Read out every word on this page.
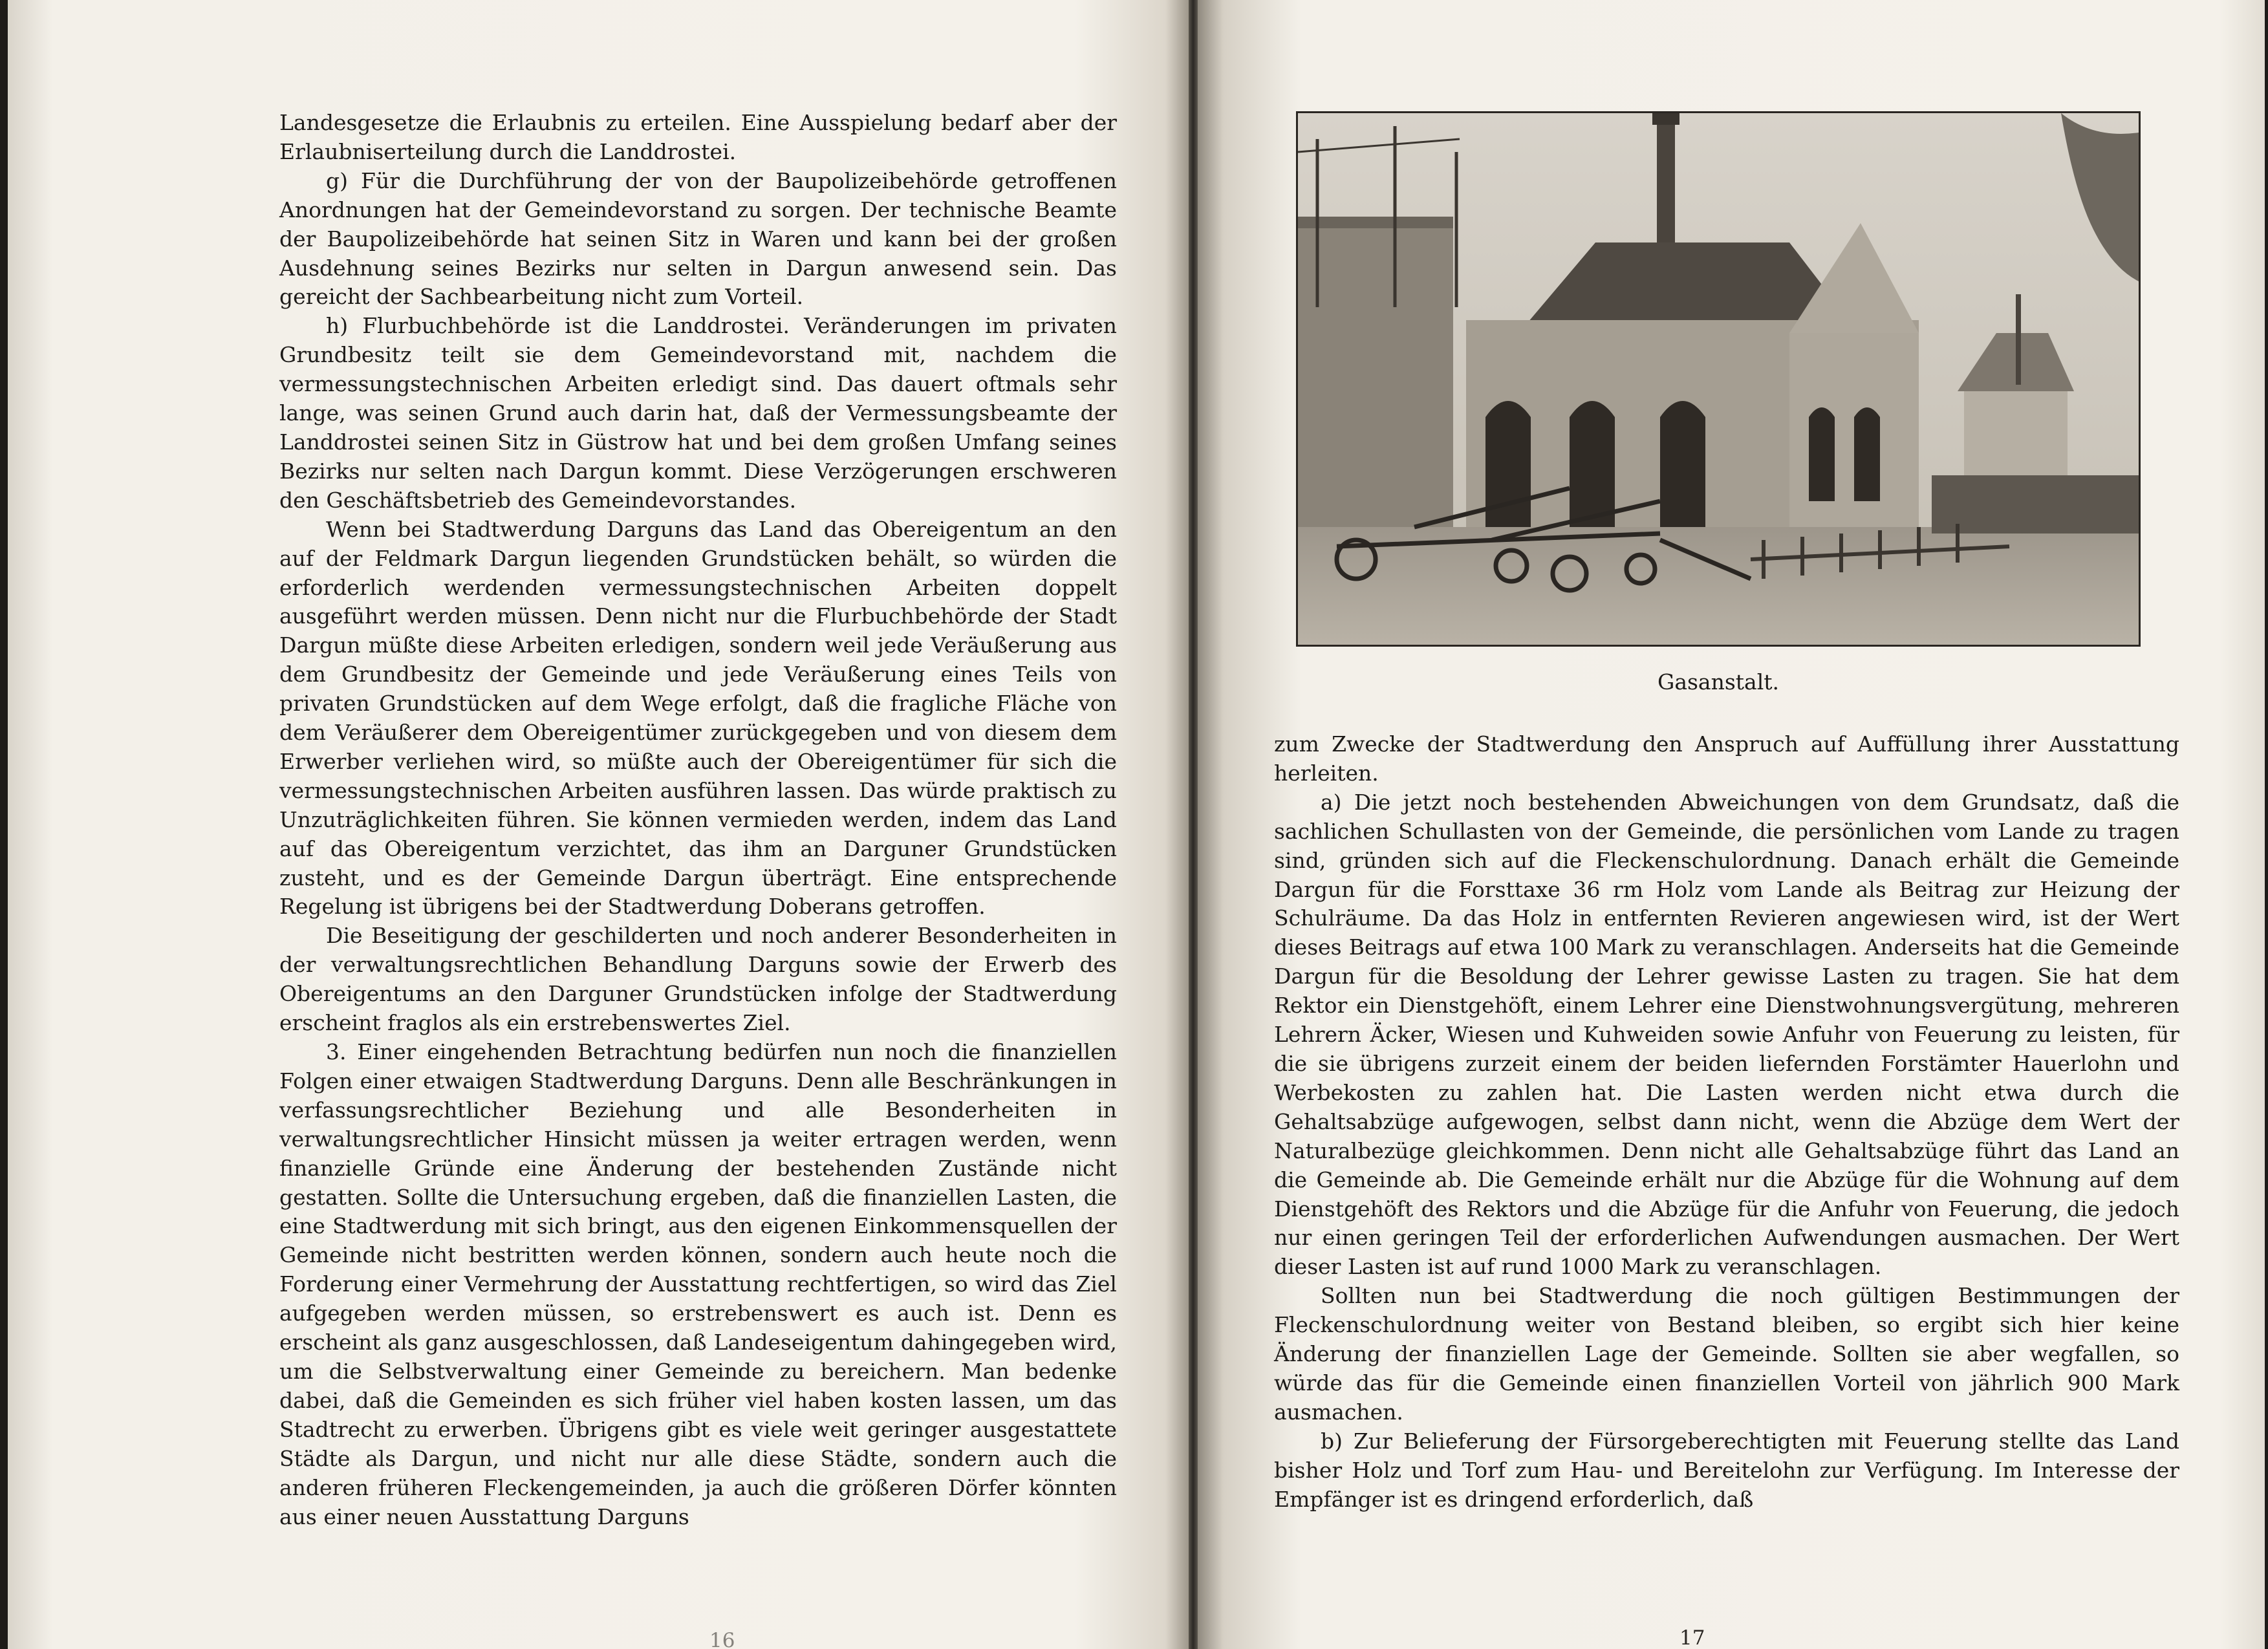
Landesgesetze die Erlaubnis zu erteilen. Eine Ausspielung bedarf aber der Erlaubniserteilung durch die Landdrostei.

g) Für die Durchführung der von der Baupolizeibehörde getroffenen Anordnungen hat der Gemeindevorstand zu sorgen. Der technische Beamte der Baupolizeibehörde hat seinen Sitz in Waren und kann bei der großen Ausdehnung seines Bezirks nur selten in Dargun anwesend sein. Das gereicht der Sachbearbeitung nicht zum Vorteil.

h) Flurbuchbehörde ist die Landdrostei. Veränderungen im privaten Grundbesitz teilt sie dem Gemeindevorstand mit, nachdem die vermessungstechnischen Arbeiten erledigt sind. Das dauert oftmals sehr lange, was seinen Grund auch darin hat, daß der Vermessungsbeamte der Landdrostei seinen Sitz in Güstrow hat und bei dem großen Umfang seines Bezirks nur selten nach Dargun kommt. Diese Verzögerungen erschweren den Geschäftsbetrieb des Gemeindevorstandes.

Wenn bei Stadtwerdung Darguns das Land das Obereigentum an den auf der Feldmark Dargun liegenden Grundstücken behält, so würden die erforderlich werdenden vermessungstechnischen Arbeiten doppelt ausgeführt werden müssen. Denn nicht nur die Flurbuchbehörde der Stadt Dargun müßte diese Arbeiten erledigen, sondern weil jede Veräußerung aus dem Grundbesitz der Gemeinde und jede Veräußerung eines Teils von privaten Grundstücken auf dem Wege erfolgt, daß die fragliche Fläche von dem Veräußerer dem Obereigentümer zurückgegeben und von diesem dem Erwerber verliehen wird, so müßte auch der Obereigentümer für sich die vermessungstechnischen Arbeiten ausführen lassen. Das würde praktisch zu Unzuträglichkeiten führen. Sie können vermieden werden, indem das Land auf das Obereigentum verzichtet, das ihm an Darguner Grundstücken zusteht, und es der Gemeinde Dargun überträgt. Eine entsprechende Regelung ist übrigens bei der Stadtwerdung Doberans getroffen.

Die Beseitigung der geschilderten und noch anderer Besonderheiten in der verwaltungsrechtlichen Behandlung Darguns sowie der Erwerb des Obereigentums an den Darguner Grundstücken infolge der Stadtwerdung erscheint fraglos als ein erstrebenswertes Ziel.

3. Einer eingehenden Betrachtung bedürfen nun noch die finanziellen Folgen einer etwaigen Stadtwerdung Darguns. Denn alle Beschränkungen in verfassungsrechtlicher Beziehung und alle Besonderheiten in verwaltungsrechtlicher Hinsicht müssen ja weiter ertragen werden, wenn finanzielle Gründe eine Änderung der bestehenden Zustände nicht gestatten. Sollte die Untersuchung ergeben, daß die finanziellen Lasten, die eine Stadtwerdung mit sich bringt, aus den eigenen Einkommensquellen der Gemeinde nicht bestritten werden können, sondern auch heute noch die Forderung einer Vermehrung der Ausstattung rechtfertigen, so wird das Ziel aufgegeben werden müssen, so erstrebenswert es auch ist. Denn es erscheint als ganz ausgeschlossen, daß Landeseigentum dahingegeben wird, um die Selbstverwaltung einer Gemeinde zu bereichern. Man bedenke dabei, daß die Gemeinden es sich früher viel haben kosten lassen, um das Stadtrecht zu erwerben. Übrigens gibt es viele weit geringer ausgestattete Städte als Dargun, und nicht nur alle diese Städte, sondern auch die anderen früheren Fleckengemeinden, ja auch die größeren Dörfer könnten aus einer neuen Ausstattung Darguns

16
Gasanstalt.

zum Zwecke der Stadtwerdung den Anspruch auf Auffüllung ihrer Ausstattung herleiten.

a) Die jetzt noch bestehenden Abweichungen von dem Grundsatz, daß die sachlichen Schullasten von der Gemeinde, die persönlichen vom Lande zu tragen sind, gründen sich auf die Fleckenschulordnung. Danach erhält die Gemeinde Dargun für die Forsttaxe 36 rm Holz vom Lande als Beitrag zur Heizung der Schulräume. Da das Holz in entfernten Revieren angewiesen wird, ist der Wert dieses Beitrags auf etwa 100 Mark zu veranschlagen. Anderseits hat die Gemeinde Dargun für die Besoldung der Lehrer gewisse Lasten zu tragen. Sie hat dem Rektor ein Dienstgehöft, einem Lehrer eine Dienstwohnungsvergütung, mehreren Lehrern Äcker, Wiesen und Kuhweiden sowie Anfuhr von Feuerung zu leisten, für die sie übrigens zurzeit einem der beiden liefernden Forstämter Hauerlohn und Werbekosten zu zahlen hat. Die Lasten werden nicht etwa durch die Gehaltsabzüge aufgewogen, selbst dann nicht, wenn die Abzüge dem Wert der Naturalbezüge gleichkommen. Denn nicht alle Gehaltsabzüge führt das Land an die Gemeinde ab. Die Gemeinde erhält nur die Abzüge für die Wohnung auf dem Dienstgehöft des Rektors und die Abzüge für die Anfuhr von Feuerung, die jedoch nur einen geringen Teil der erforderlichen Aufwendungen ausmachen. Der Wert dieser Lasten ist auf rund 1000 Mark zu veranschlagen.

Sollten nun bei Stadtwerdung die noch gültigen Bestimmungen der Fleckenschulordnung weiter von Bestand bleiben, so ergibt sich hier keine Änderung der finanziellen Lage der Gemeinde. Sollten sie aber wegfallen, so würde das für die Gemeinde einen finanziellen Vorteil von jährlich 900 Mark ausmachen.

b) Zur Belieferung der Fürsorgeberechtigten mit Feuerung stellte das Land bisher Holz und Torf zum Hau- und Bereitelohn zur Verfügung. Im Interesse der Empfänger ist es dringend erforderlich, daß

17
